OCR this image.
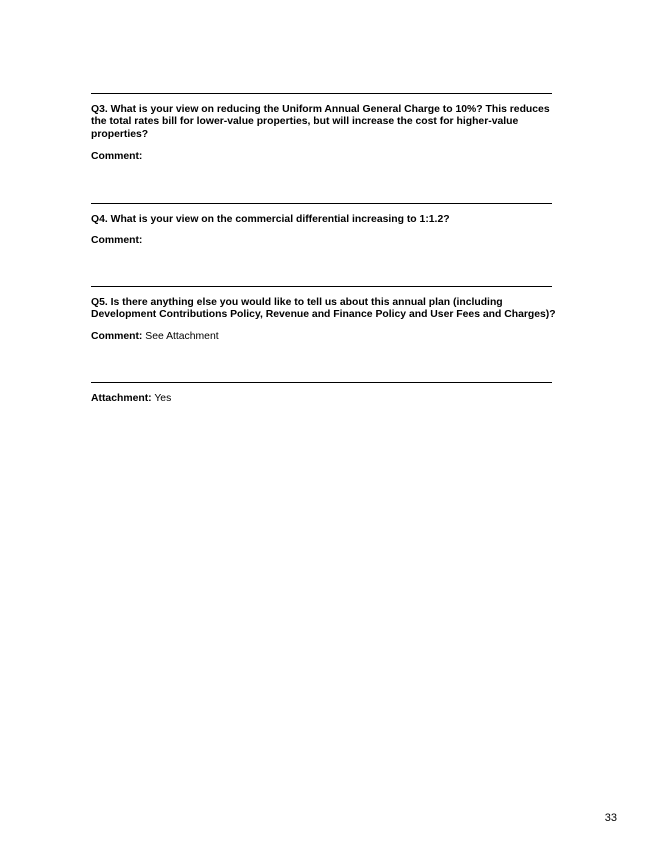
Q3. What is your view on reducing the Uniform Annual General Charge to 10%? This reduces
the total rates bill for lower-value properties, but will increase the cost for higher-value
properties?

Comment:

Q4. What is your view on the commercial differential increasing to 1:1.2?

Comment:

Q5. Is there anything else you would like to tell us about this annual plan (including
Development Contributions Policy, Revenue and Finance Policy and User Fees and Charges)?

Comment: See Attachment
Attachment: Yes
33
